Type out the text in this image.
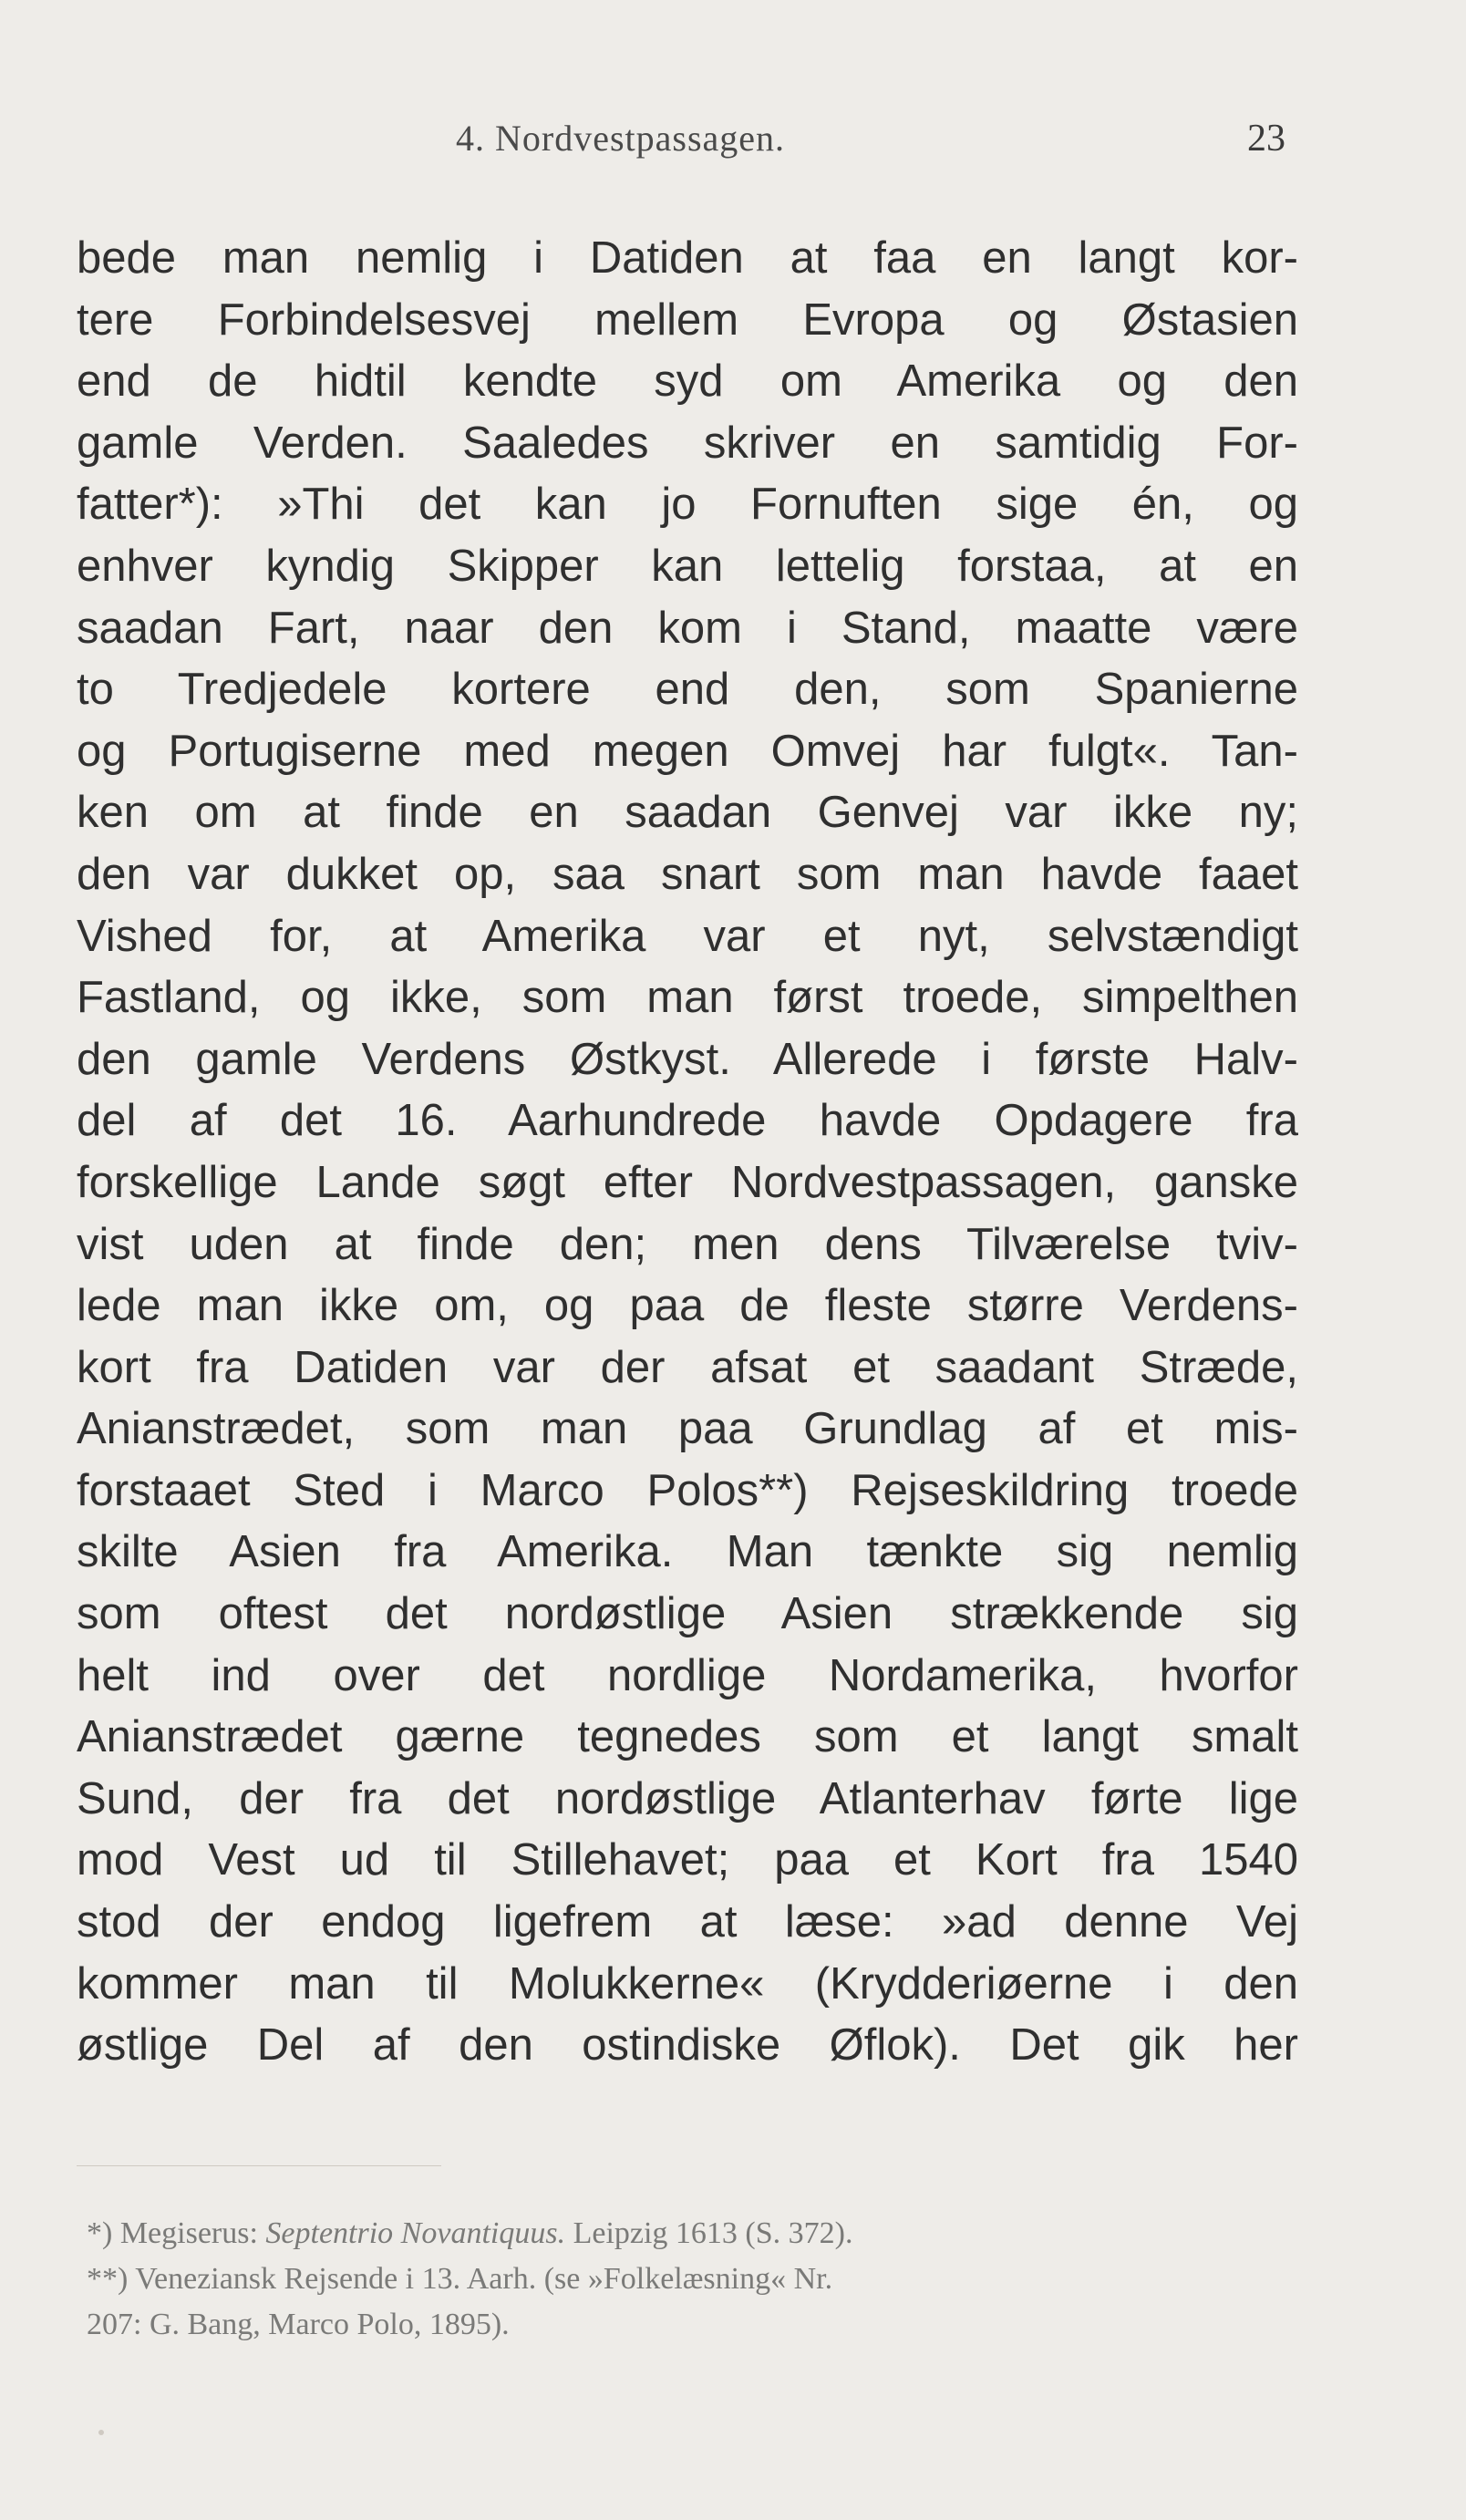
4. Nordvestpassagen.	23
bede man nemlig i Datiden at faa en langt kor-
tere Forbindelsesvej mellem Evropa og Østasien
end de hidtil kendte syd om Amerika og den
gamle Verden. Saaledes skriver en samtidig For-
fatter*): »Thi det kan jo Fornuften sige én, og
enhver kyndig Skipper kan lettelig forstaa, at en
saadan Fart, naar den kom i Stand, maatte være
to Tredjedele kortere end den, som Spanierne
og Portugiserne med megen Omvej har fulgt«. Tan-
ken om at finde en saadan Genvej var ikke ny;
den var dukket op, saa snart som man havde faaet
Vished for, at Amerika var et nyt, selvstændigt
Fastland, og ikke, som man først troede, simpelthen
den gamle Verdens Østkyst. Allerede i første Halv-
del af det 16. Aarhundrede havde Opdagere fra
forskellige Lande søgt efter Nordvestpassagen, ganske
vist uden at finde den; men dens Tilværelse tviv-
lede man ikke om, og paa de fleste større Verdens-
kort fra Datiden var der afsat et saadant Stræde,
Anianstrædet, som man paa Grundlag af et mis-
forstaaet Sted i Marco Polos**) Rejseskildring troede
skilte Asien fra Amerika. Man tænkte sig nemlig
som oftest det nordøstlige Asien strækkende sig
helt ind over det nordlige Nordamerika, hvorfor
Anianstrædet gærne tegnedes som et langt smalt
Sund, der fra det nordøstlige Atlanterhav førte lige
mod Vest ud til Stillehavet; paa et Kort fra 1540
stod der endog ligefrem at læse: »ad denne Vej
kommer man til Molukkerne« (Krydderiøerne i den
østlige Del af den ostindiske Øflok). Det gik her
*) Megiserus: Septentrio Novantiquus. Leipzig 1613 (S. 372).
**) Veneziansk Rejsende i 13. Aarh. (se »Folkelæsning« Nr.
207: G. Bang, Marco Polo, 1895).
